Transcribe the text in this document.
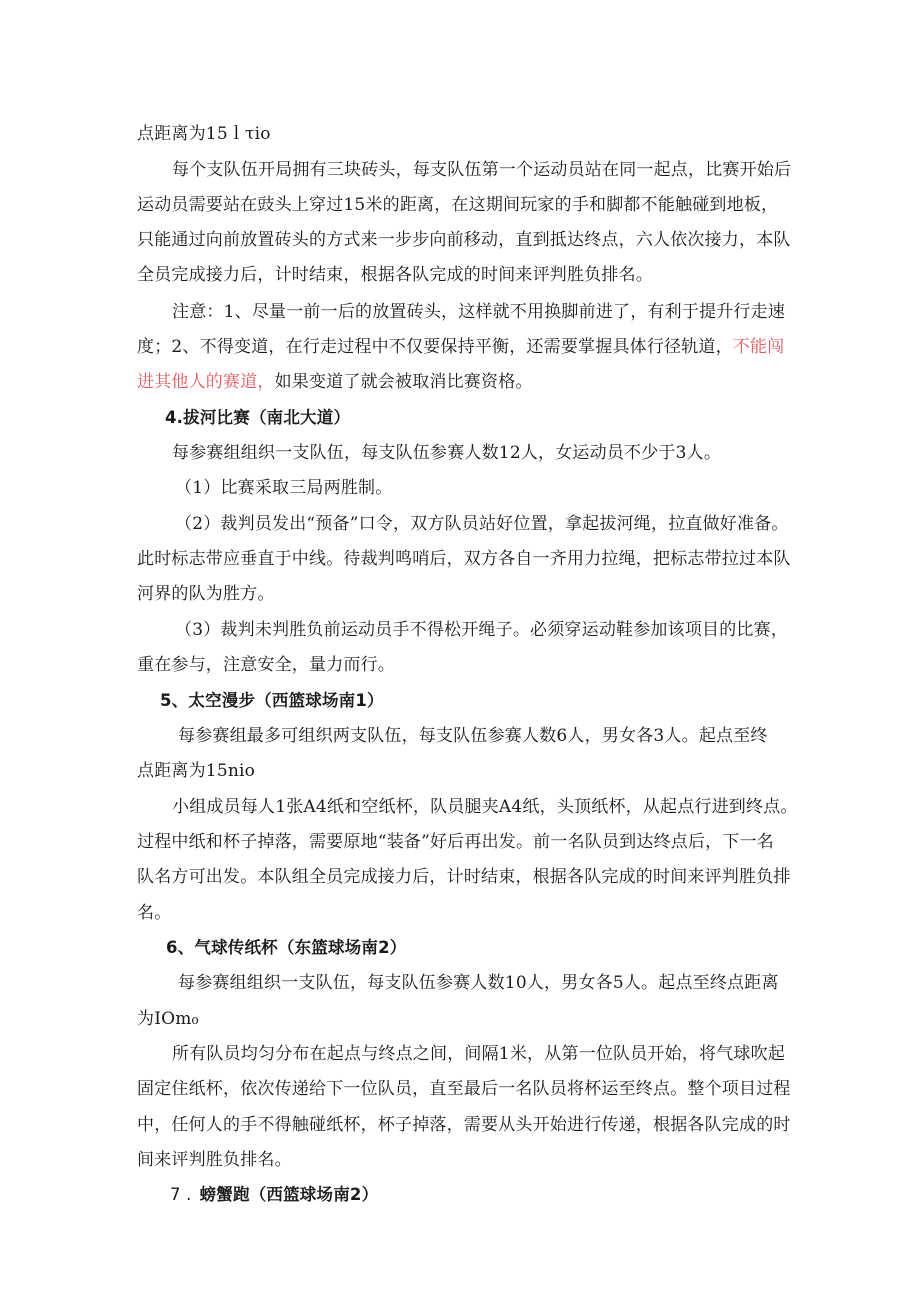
点距离为15ｌτio
每个支队伍开局拥有三块砖头，每支队伍第一个运动员站在同一起点，比赛开始后
运动员需要站在豉头上穿过15米的距离，在这期间玩家的手和脚都不能触碰到地板，
只能通过向前放置砖头的方式来一步步向前移动，直到抵达终点，六人依次接力，本队
全员完成接力后，计时结束，根据各队完成的时间来评判胜负排名。
注意：1、尽量一前一后的放置砖头，这样就不用换脚前进了，有利于提升行走速
度；2、不得变道，在行走过程中不仅要保持平衡，还需要掌握具体行径轨道，不能闯
进其他人的赛道，如果变道了就会被取消比赛资格。
4.拔河比赛（南北大道）
每参赛组组织一支队伍，每支队伍参赛人数12人，女运动员不少于3人。
（1）比赛采取三局两胜制。
（2）裁判员发出“预备”口令，双方队员站好位置，拿起拔河绳，拉直做好准备。
此时标志带应垂直于中线。待裁判鸣哨后，双方各自一齐用力拉绳，把标志带拉过本队
河界的队为胜方。
（3）裁判未判胜负前运动员手不得松开绳子。必须穿运动鞋参加该项目的比赛，
重在参与，注意安全，量力而行。
5、太空漫步（西篮球场南1）
每参赛组最多可组织两支队伍，每支队伍参赛人数6人，男女各3人。起点至终
点距离为15nio
小组成员每人1张A4纸和空纸杯，队员腿夹A4纸，头顶纸杯，从起点行进到终点。
过程中纸和杯子掉落，需要原地“装备”好后再出发。前一名队员到达终点后，下一名
队名方可出发。本队组全员完成接力后，计时结束，根据各队完成的时间来评判胜负排
名。
6、气球传纸杯（东篮球场南2）
每参赛组组织一支队伍，每支队伍参赛人数10人，男女各5人。起点至终点距离
为IOm₀
所有队员均匀分布在起点与终点之间，间隔1米，从第一位队员开始，将气球吹起
固定住纸杯，依次传递给下一位队员，直至最后一名队员将杯运至终点。整个项目过程
中，任何人的手不得触碰纸杯，杯子掉落，需要从头开始进行传递，根据各队完成的时
间来评判胜负排名。
7 . 螃蟹跑（西篮球场南2）
